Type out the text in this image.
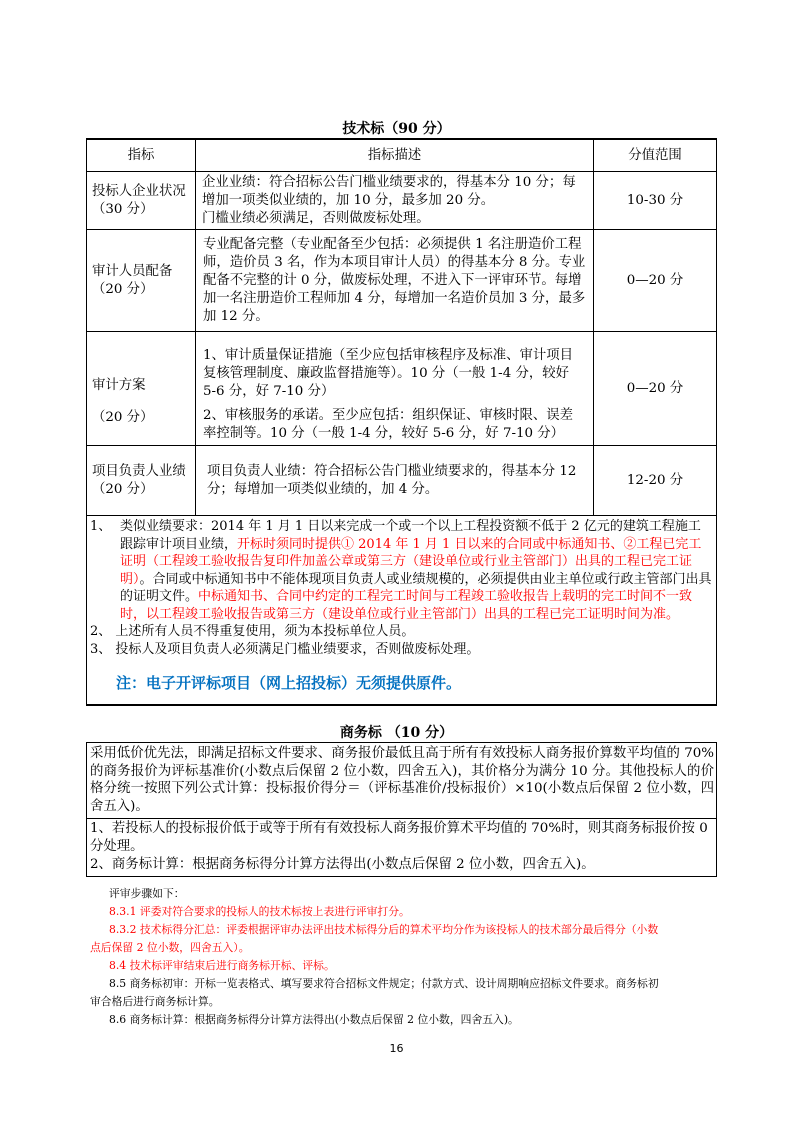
技术标（90 分）
指标	指标描述	分值范围
投标人企业状况
（30 分）
企业业绩：符合招标公告门槛业绩要求的，得基本分 10 分；每
增加一项类似业绩的，加 10 分，最多加 20 分。
门槛业绩必须满足，否则做废标处理。
10-30 分
审计人员配备
（20 分）
专业配备完整（专业配备至少包括：必须提供 1 名注册造价工程
师，造价员 3 名，作为本项目审计人员）的得基本分 8 分。专业
配备不完整的计 0 分，做废标处理，不进入下一评审环节。每增
加一名注册造价工程师加 4 分，每增加一名造价员加 3 分，最多
加 12 分。
0—20 分
审计方案
（20 分）
1、审计质量保证措施（至少应包括审核程序及标准、审计项目
复核管理制度、廉政监督措施等）。10 分（一般 1-4 分，较好
5-6 分，好 7-10 分）
2、审核服务的承诺。至少应包括：组织保证、审核时限、误差
率控制等。10 分（一般 1-4 分，较好 5-6 分，好 7-10 分）
0—20 分
项目负责人业绩
（20 分）
项目负责人业绩：符合招标公告门槛业绩要求的，得基本分 12
分；每增加一项类似业绩的，加 4 分。
12-20 分
1、 类似业绩要求：2014 年 1 月 1 日以来完成一个或一个以上工程投资额不低于 2 亿元的建筑工程施工跟踪审计项目业绩，开标时须同时提供① 2014 年 1 月 1 日以来的合同或中标通知书、②工程已完工证明（工程竣工验收报告复印件加盖公章或第三方（建设单位或行业主管部门）出具的工程已完工证明）。合同或中标通知书中不能体现项目负责人或业绩规模的，必须提供由业主单位或行政主管部门出具的证明文件。中标通知书、合同中约定的工程完工时间与工程竣工验收报告上载明的完工时间不一致时，以工程竣工验收报告或第三方（建设单位或行业主管部门）出具的工程已完工证明时间为准。
2、 上述所有人员不得重复使用，须为本投标单位人员。
3、 投标人及项目负责人必须满足门槛业绩要求，否则做废标处理。
注：电子开评标项目（网上招投标）无须提供原件。
商务标 （10 分）
采用低价优先法，即满足招标文件要求、商务报价最低且高于所有有效投标人商务报价算数平均值的 70%的商务报价为评标基准价(小数点后保留 2 位小数，四舍五入)，其价格分为满分 10 分。其他投标人的价格分统一按照下列公式计算：投标报价得分＝（评标基准价/投标报价）×10(小数点后保留 2 位小数，四舍五入)。

1、若投标人的投标报价低于或等于所有有效投标人商务报价算术平均值的 70%时，则其商务标报价按 0 分处理。

2、商务标计算：根据商务标得分计算方法得出(小数点后保留 2 位小数，四舍五入)。

评审步骤如下：
8.3.1 评委对符合要求的投标人的技术标按上表进行评审打分。
8.3.2 技术标得分汇总：评委根据评审办法评出技术标得分后的算术平均分作为该投标人的技术部分最后得分（小数
点后保留 2 位小数，四舍五入）。
8.4 技术标评审结束后进行商务标开标、评标。
8.5 商务标初审：开标一览表格式、填写要求符合招标文件规定；付款方式、设计周期响应招标文件要求。商务标初
审合格后进行商务标计算。
8.6 商务标计算：根据商务标得分计算方法得出(小数点后保留 2 位小数，四舍五入)。
16
